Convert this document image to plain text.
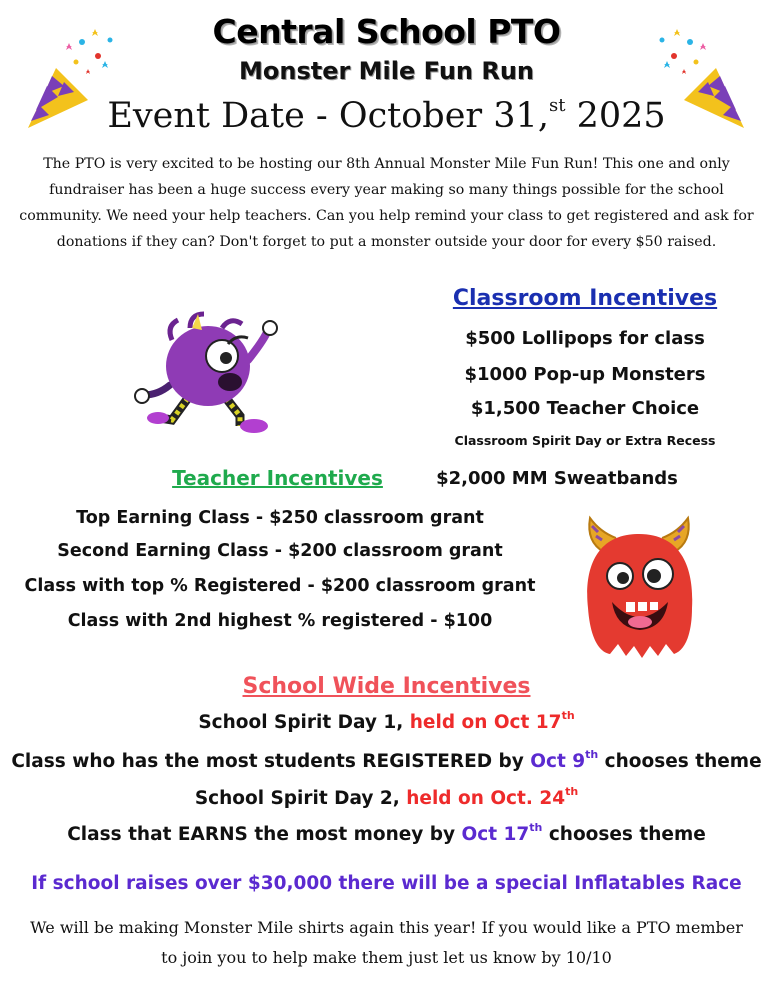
Central School PTO
Monster Mile Fun Run
Event Date - October 31,$^{st}$ 2025
The PTO is very excited to be hosting our 8th Annual Monster Mile Fun Run! This one and only fundraiser has been a huge success every year making so many things possible for the school community. We need your help teachers. Can you help remind your class to get registered and ask for donations if they can? Don't forget to put a monster outside your door for every $50 raised.
Classroom Incentives
$500 Lollipops for class
$1000 Pop-up Monsters
$1,500 Teacher Choice
Classroom Spirit Day or Extra Recess
$2,000 MM Sweatbands
Teacher Incentives
Top Earning Class - $250 classroom grant
Second Earning Class - $200 classroom grant
Class with top % Registered - $200 classroom grant
Class with 2nd highest % registered - $100
School Wide Incentives
School Spirit Day 1, held on Oct 17th
Class who has the most students REGISTERED by Oct 9th chooses theme
School Spirit Day 2, held on Oct. 24th
Class that EARNS the most money by Oct 17th chooses theme
If school raises over $30,000 there will be a special Inflatables Race
We will be making Monster Mile shirts again this year! If you would like a PTO member to join you to help make them just let us know by 10/10
